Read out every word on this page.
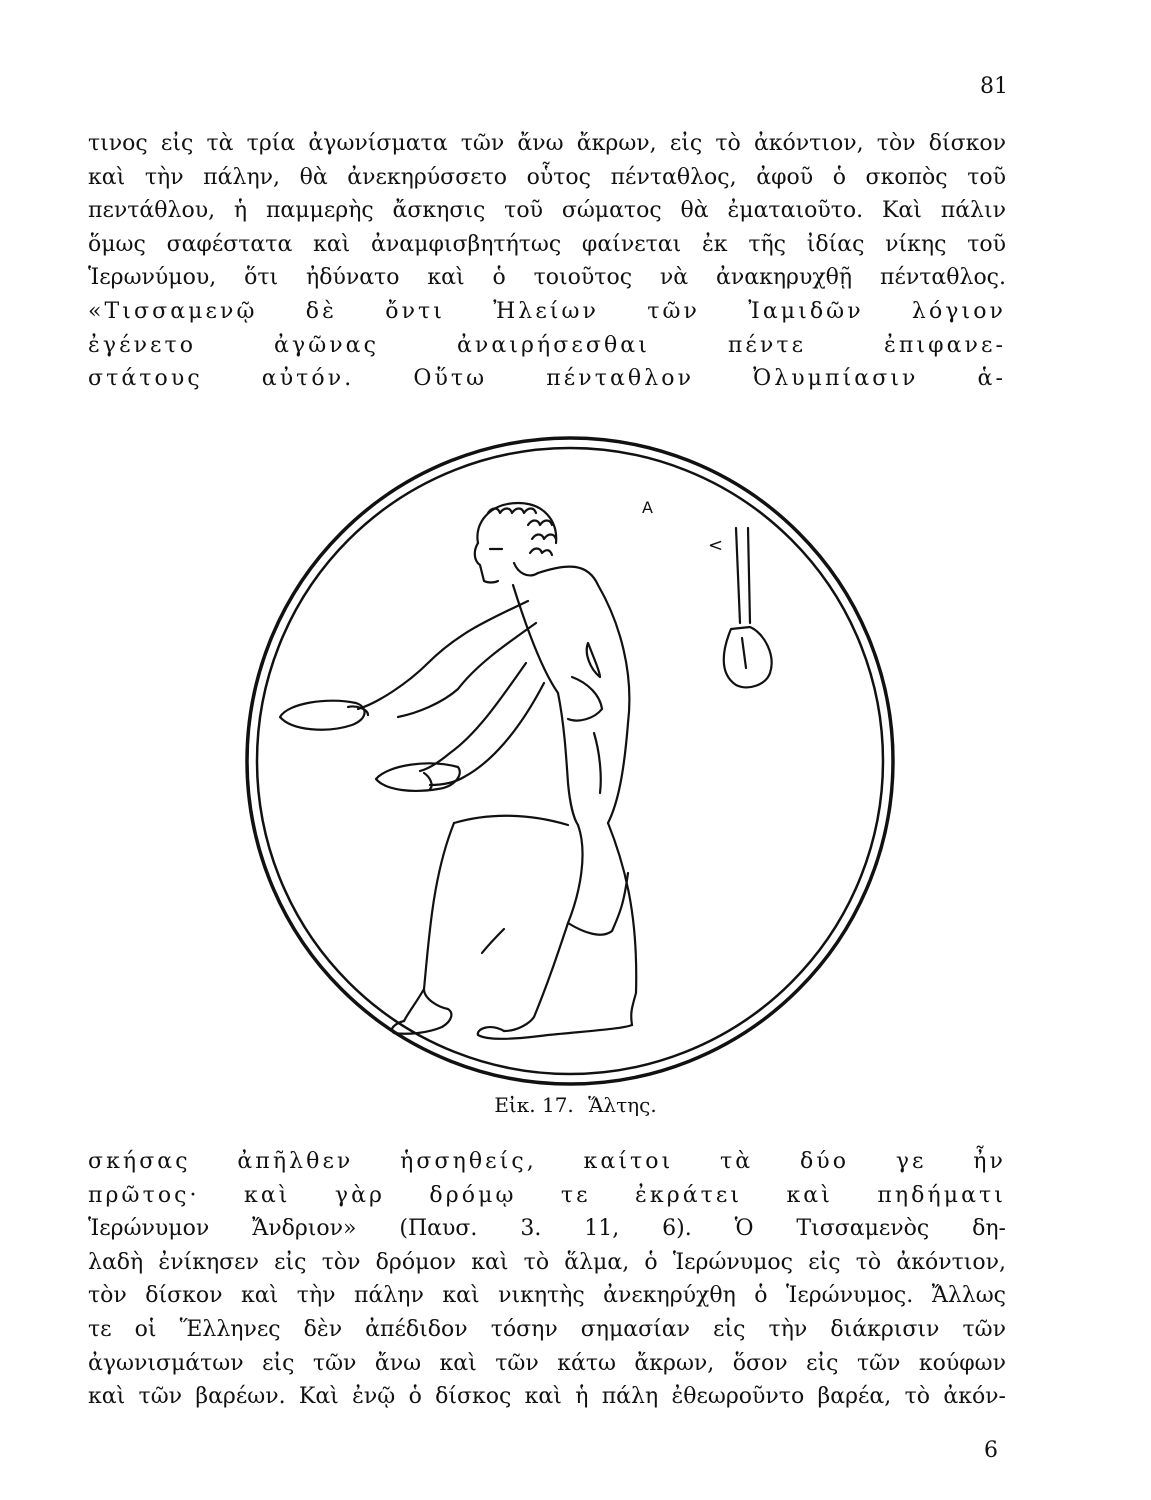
81
τινος εἰς τὰ τρία ἀγωνίσματα τῶν ἄνω ἄκρων, εἰς τὸ ἀκόντιον, τὸν δίσκον
καὶ τὴν πάλην, θὰ ἀνεκηρύσσετο οὗτος πένταθλος, ἀφοῦ ὁ σκοπὸς τοῦ
πεντάθλου, ἡ παμμερὴς ἄσκησις τοῦ σώματος θὰ ἐματαιοῦτο. Καὶ πάλιν
ὅμως σαφέστατα καὶ ἀναμφισβητήτως φαίνεται ἐκ τῆς ἰδίας νίκης τοῦ
Ἱερωνύμου, ὅτι ἠδύνατο καὶ ὁ τοιοῦτος νὰ ἀνακηρυχθῇ πένταθλος.
«Τισσαμενῷ δὲ ὄντι Ἠλείων τῶν Ἰαμιδῶν λόγιον
ἐγένετο ἀγῶνας ἀναιρήσεσθαι πέντε ἐπιφανε-
στάτους αὐτόν. Οὕτω πένταθλον Ὀλυμπίασιν ἁ-
A
<
Εἰκ. 17. Ἅλτης.
σκήσας ἀπῆλθεν ἡσσηθείς, καίτοι τὰ δύο γε ἦν
πρῶτος· καὶ γὰρ δρόμῳ τε ἐκράτει καὶ πηδήματι
Ἱερώνυμον Ἄνδριον» (Παυσ. 3. 11, 6). Ὁ Τισσαμενὸς δη-
λαδὴ ἐνίκησεν εἰς τὸν δρόμον καὶ τὸ ἅλμα, ὁ Ἱερώνυμος εἰς τὸ ἀκόντιον,
τὸν δίσκον καὶ τὴν πάλην καὶ νικητὴς ἀνεκηρύχθη ὁ Ἱερώνυμος. Ἄλλως
τε οἱ Ἕλληνες δὲν ἀπέδιδον τόσην σημασίαν εἰς τὴν διάκρισιν τῶν
ἀγωνισμάτων εἰς τῶν ἄνω καὶ τῶν κάτω ἄκρων, ὅσον εἰς τῶν κούφων
καὶ τῶν βαρέων. Καὶ ἐνῷ ὁ δίσκος καὶ ἡ πάλη ἐθεωροῦντο βαρέα, τὸ ἀκόν-
6
